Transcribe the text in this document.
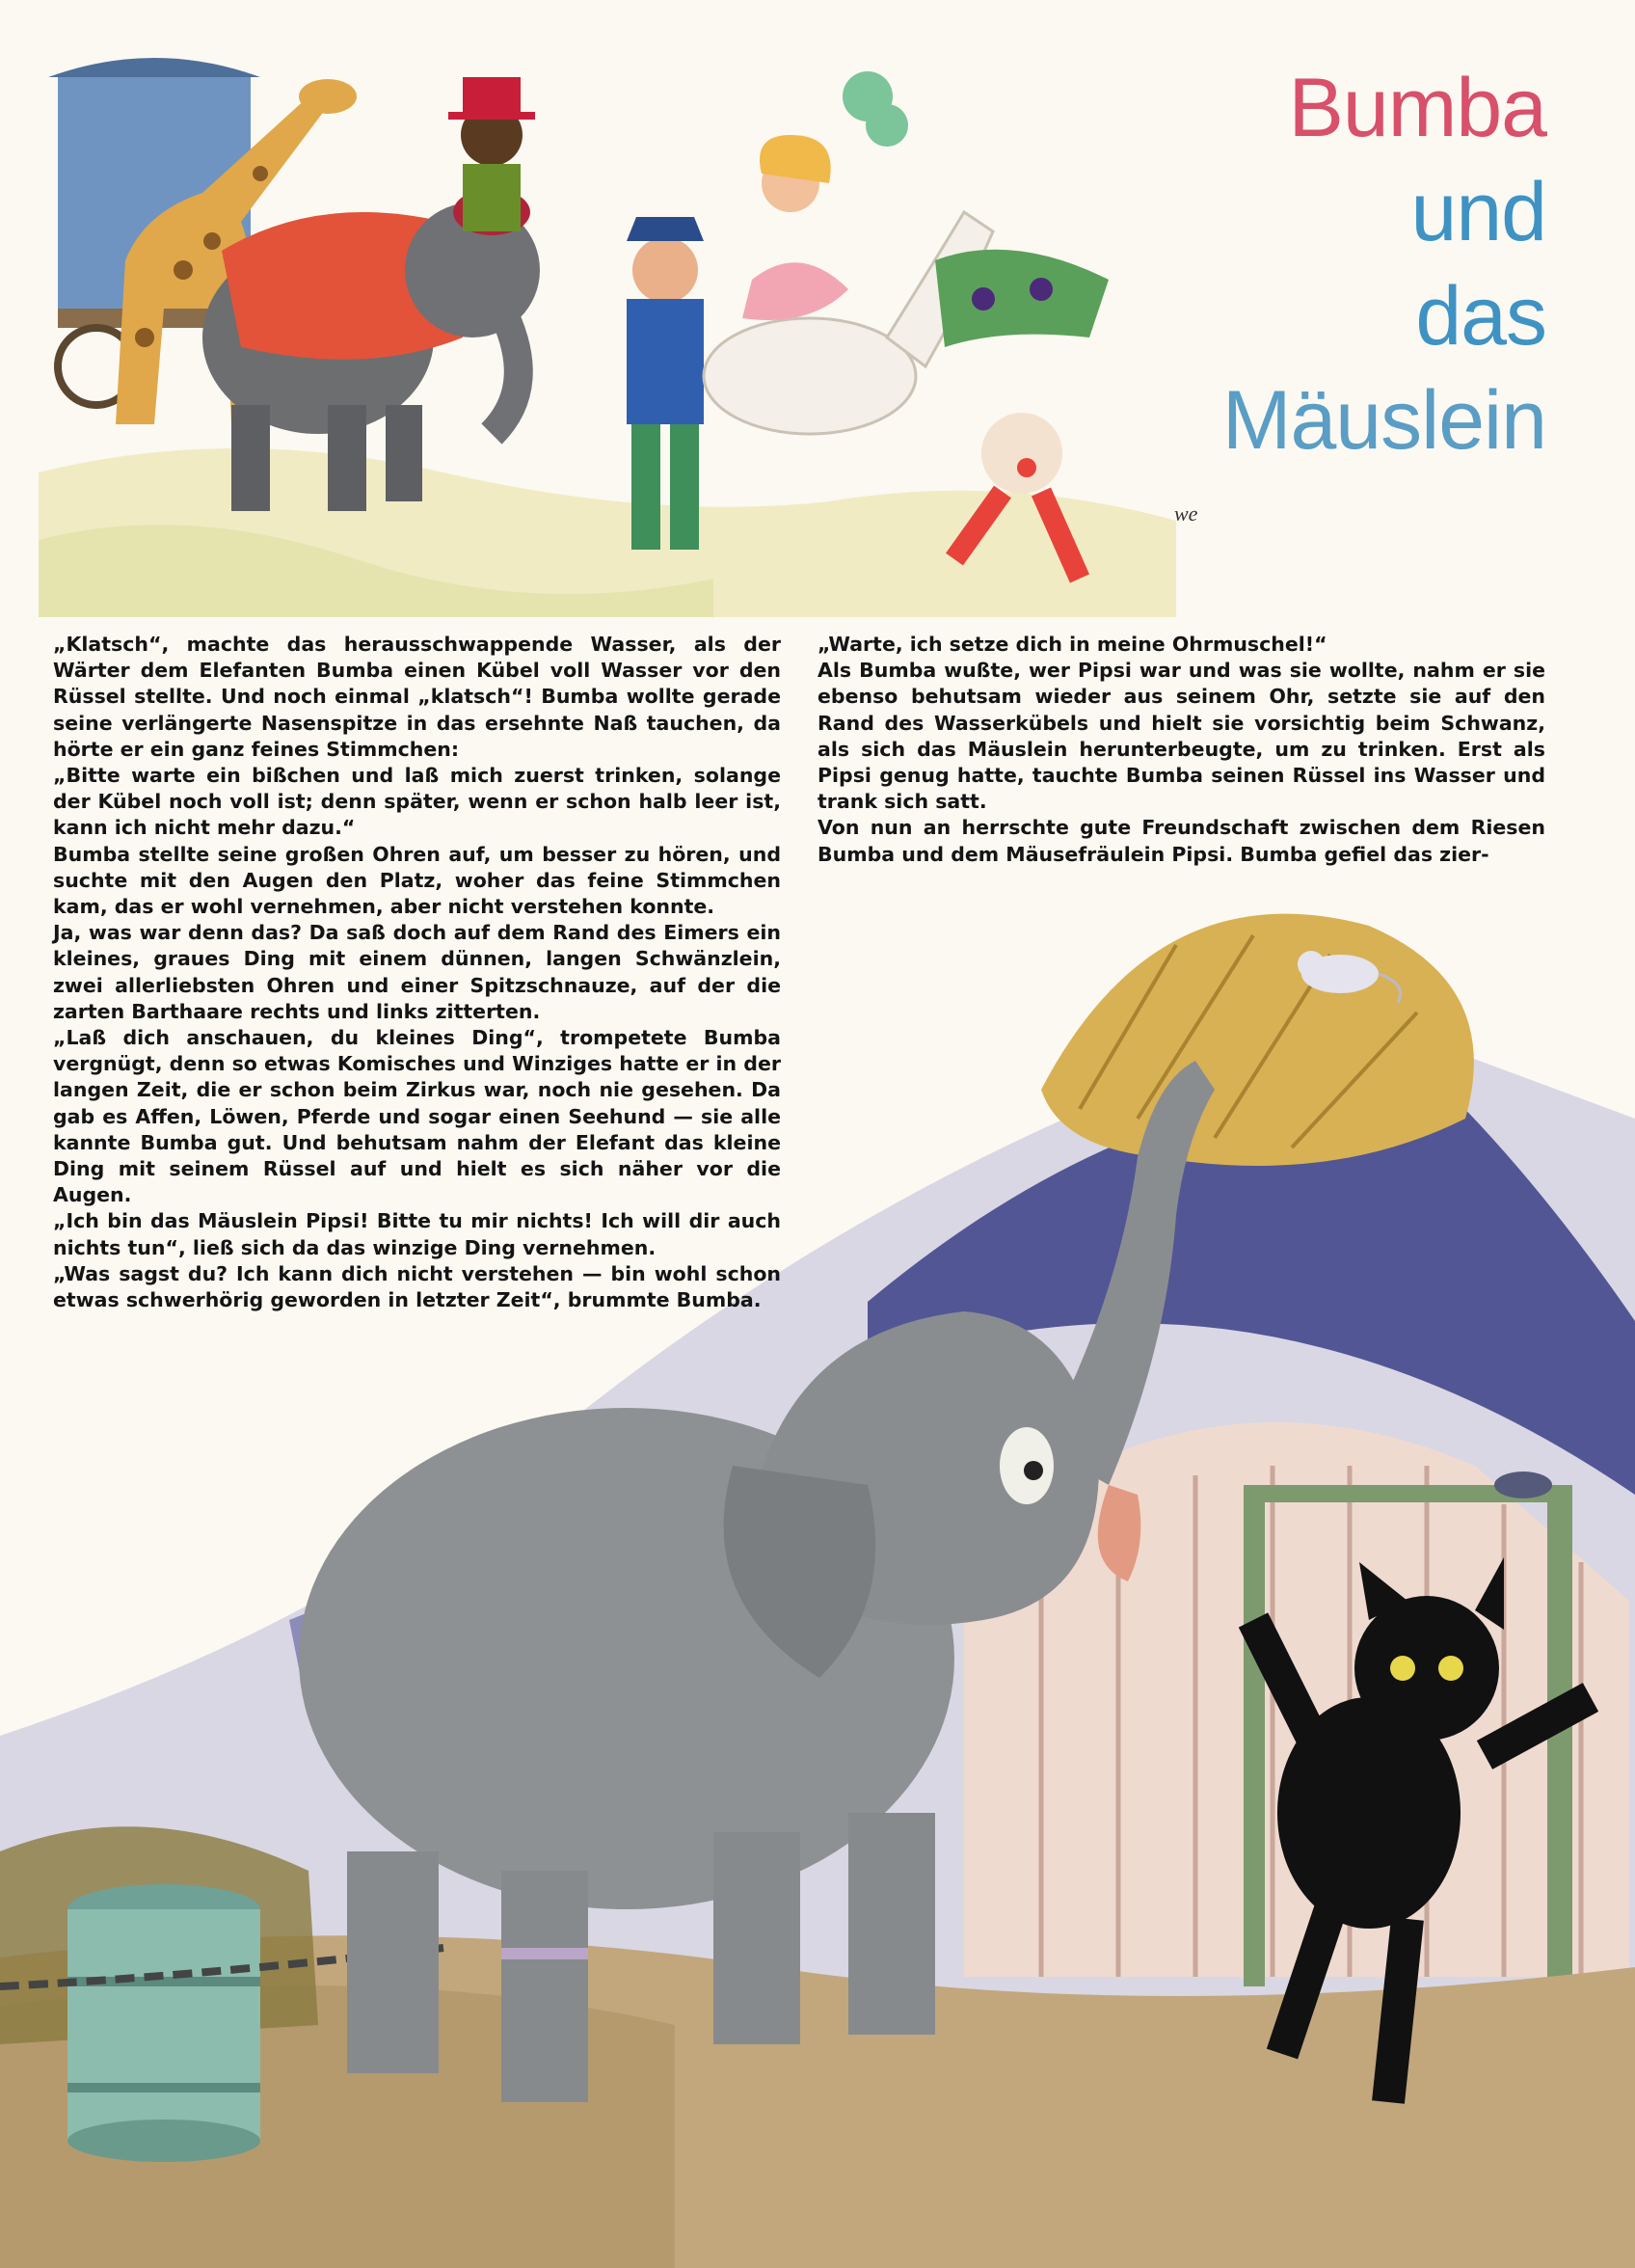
Bumba
und
das
Mäuslein
we

„Klatsch“, machte das herausschwappende Wasser, als der Wärter dem Elefanten Bumba einen Kübel voll Wasser vor den Rüssel stellte. Und noch einmal „klatsch“! Bumba wollte gerade seine verlängerte Nasenspitze in das ersehnte Naß tauchen, da hörte er ein ganz feines Stimmchen:

„Bitte warte ein bißchen und laß mich zuerst trinken, solange der Kübel noch voll ist; denn später, wenn er schon halb leer ist, kann ich nicht mehr dazu.“

Bumba stellte seine großen Ohren auf, um besser zu hören, und suchte mit den Augen den Platz, woher das feine Stimmchen kam, das er wohl vernehmen, aber nicht verstehen konnte.

Ja, was war denn das? Da saß doch auf dem Rand des Eimers ein kleines, graues Ding mit einem dünnen, langen Schwänzlein, zwei allerliebsten Ohren und einer Spitzschnauze, auf der die zarten Barthaare rechts und links zitterten.

„Laß dich anschauen, du kleines Ding“, trompetete Bumba vergnügt, denn so etwas Komisches und Winziges hatte er in der langen Zeit, die er schon beim Zirkus war, noch nie gesehen. Da gab es Affen, Löwen, Pferde und sogar einen Seehund — sie alle kannte Bumba gut. Und behutsam nahm der Elefant das kleine Ding mit seinem Rüssel auf und hielt es sich näher vor die Augen.

„Ich bin das Mäuslein Pipsi! Bitte tu mir nichts! Ich will dir auch nichts tun“, ließ sich da das winzige Ding vernehmen.

„Was sagst du? Ich kann dich nicht verstehen — bin wohl schon etwas schwerhörig geworden in letzter Zeit“, brummte Bumba.

„Warte, ich setze dich in meine Ohrmuschel!“

Als Bumba wußte, wer Pipsi war und was sie wollte, nahm er sie ebenso behutsam wieder aus seinem Ohr, setzte sie auf den Rand des Wasserkübels und hielt sie vorsichtig beim Schwanz, als sich das Mäuslein herunterbeugte, um zu trinken. Erst als Pipsi genug hatte, tauchte Bumba seinen Rüssel ins Wasser und trank sich satt.

Von nun an herrschte gute Freundschaft zwischen dem Riesen Bumba und dem Mäusefräulein Pipsi. Bumba gefiel das zier-
